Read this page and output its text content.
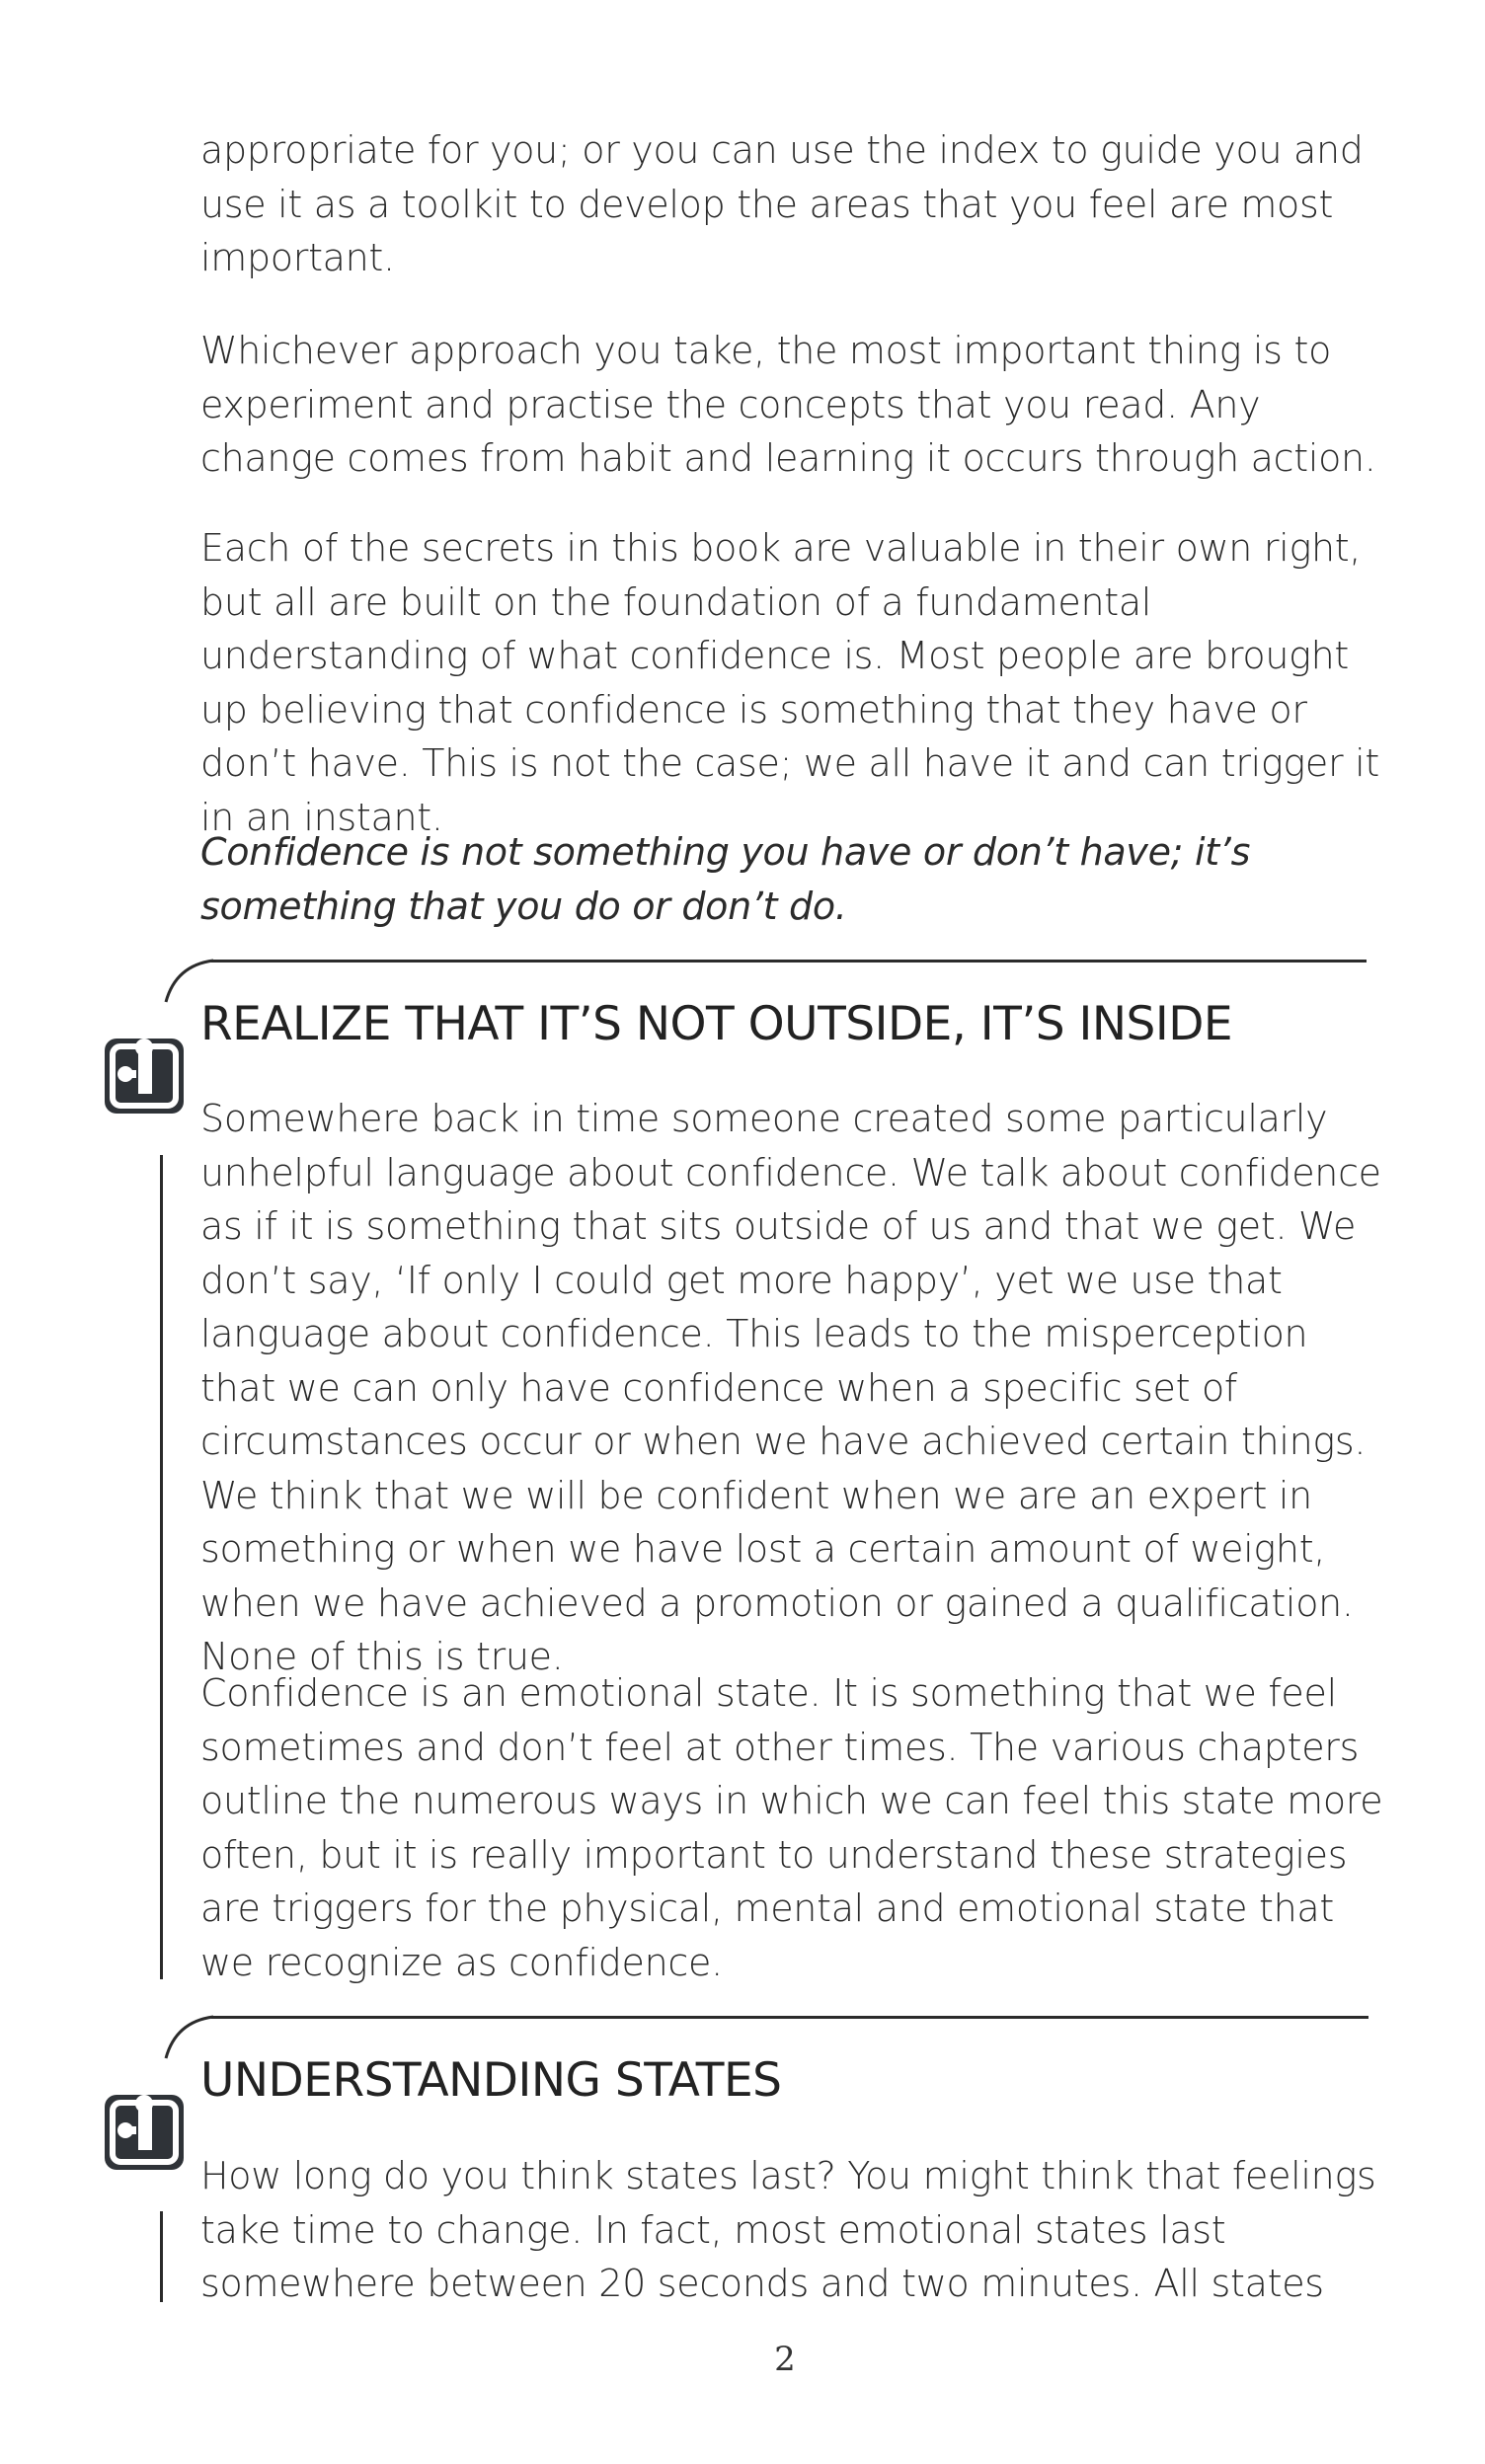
appropriate for you; or you can use the index to guide you and use it as a toolkit to develop the areas that you feel are most important.

Whichever approach you take, the most important thing is to experiment and practise the concepts that you read. Any change comes from habit and learning it occurs through action.

Each of the secrets in this book are valuable in their own right, but all are built on the foundation of a fundamental understanding of what confidence is. Most people are brought up believing that confidence is something that they have or don’t have. This is not the case; we all have it and can trigger it in an instant.

Confidence is not something you have or don’t have; it’s something that you do or don’t do.

REALIZE THAT IT’S NOT OUTSIDE, IT’S INSIDE

Somewhere back in time someone created some particularly unhelpful language about confidence. We talk about confidence as if it is something that sits outside of us and that we get. We don’t say, ‘If only I could get more happy’, yet we use that language about confidence. This leads to the misperception that we can only have confidence when a specific set of circumstances occur or when we have achieved certain things. We think that we will be confident when we are an expert in something or when we have lost a certain amount of weight, when we have achieved a promotion or gained a qualification. None of this is true.

Confidence is an emotional state. It is something that we feel sometimes and don’t feel at other times. The various chapters outline the numerous ways in which we can feel this state more often, but it is really important to understand these strategies are triggers for the physical, mental and emotional state that we recognize as confidence.

UNDERSTANDING STATES

How long do you think states last? You might think that feelings take time to change. In fact, most emotional states last somewhere between 20 seconds and two minutes. All states

2
